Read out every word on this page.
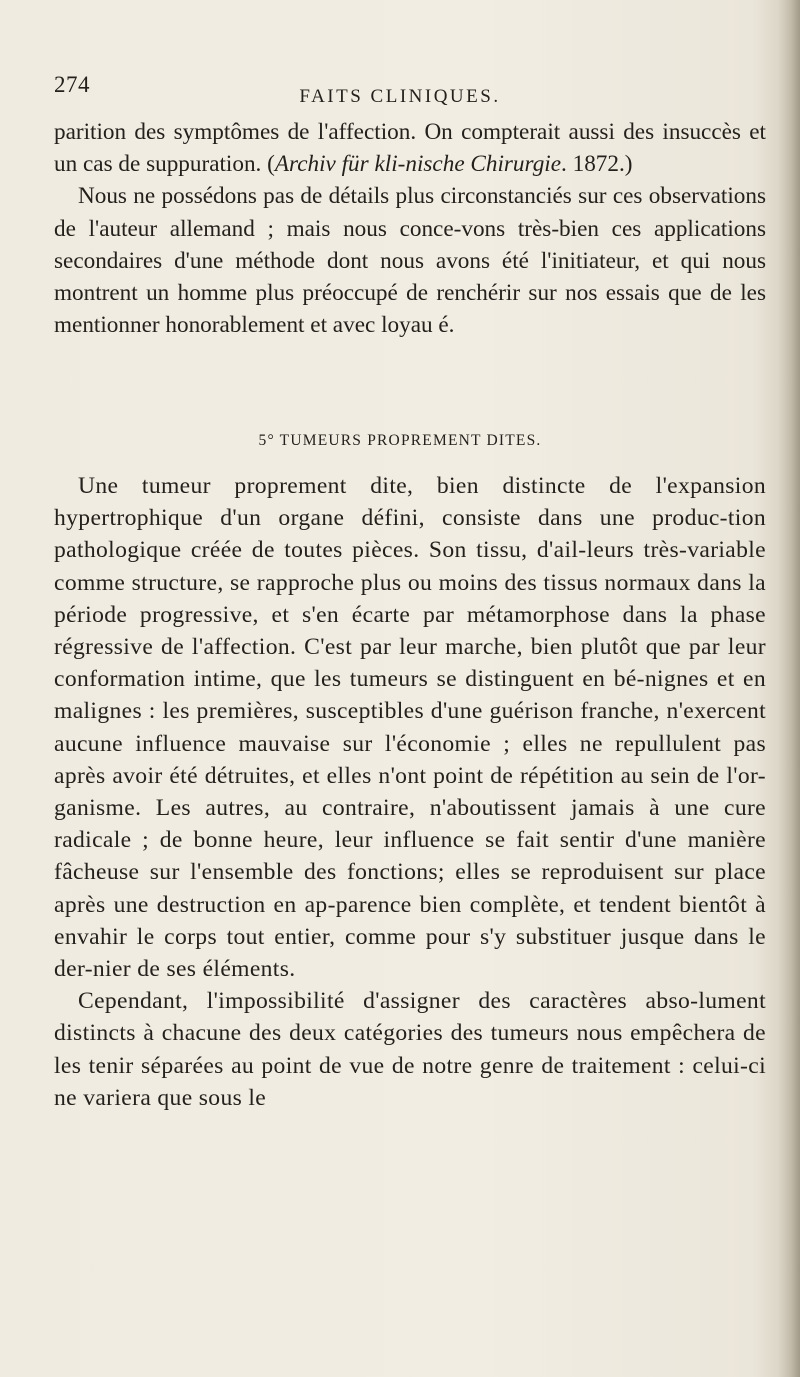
274	FAITS CLINIQUES.

parition des symptômes de l'affection. On compterait aussi des insuccès et un cas de suppuration. (Archiv für kli-nische Chirurgie. 1872.)

Nous ne possédons pas de détails plus circonstanciés sur ces observations de l'auteur allemand ; mais nous conce-vons très-bien ces applications secondaires d'une méthode dont nous avons été l'initiateur, et qui nous montrent un homme plus préoccupé de renchérir sur nos essais que de les mentionner honorablement et avec loyau é.

5° TUMEURS PROPREMENT DITES.

Une tumeur proprement dite, bien distincte de l'expansion hypertrophique d'un organe défini, consiste dans une produc-tion pathologique créée de toutes pièces. Son tissu, d'ail-leurs très-variable comme structure, se rapproche plus ou moins des tissus normaux dans la période progressive, et s'en écarte par métamorphose dans la phase régressive de l'affection. C'est par leur marche, bien plutôt que par leur conformation intime, que les tumeurs se distinguent en bé-nignes et en malignes : les premières, susceptibles d'une guérison franche, n'exercent aucune influence mauvaise sur l'économie ; elles ne repullulent pas après avoir été détruites, et elles n'ont point de répétition au sein de l'or-ganisme. Les autres, au contraire, n'aboutissent jamais à une cure radicale ; de bonne heure, leur influence se fait sentir d'une manière fâcheuse sur l'ensemble des fonctions; elles se reproduisent sur place après une destruction en ap-parence bien complète, et tendent bientôt à envahir le corps tout entier, comme pour s'y substituer jusque dans le der-nier de ses éléments.

Cependant, l'impossibilité d'assigner des caractères abso-lument distincts à chacune des deux catégories des tumeurs nous empêchera de les tenir séparées au point de vue de notre genre de traitement : celui-ci ne variera que sous le
